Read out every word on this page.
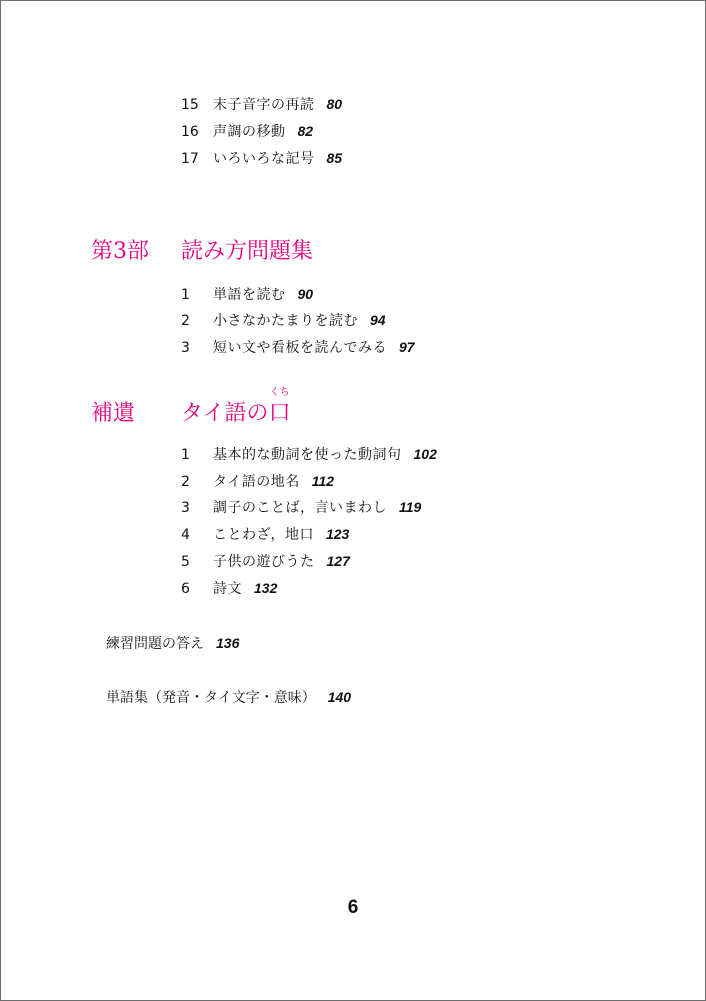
15 末子音字の再読 80
16 声調の移動 82
17 いろいろな記号 85
第3部 読み方問題集
1 単語を読む 90
2 小さなかたまりを読む 94
3 短い文や看板を読んでみる 97
補遺 タイ語の
くち
口
1 基本的な動詞を使った動詞句 102
2 タイ語の地名 112
3 調子のことば，言いまわし 119
4 ことわざ，地口 123
5 子供の遊びうた 127
6 詩文 132
練習問題の答え 136
単語集（発音・タイ文字・意味） 140
6
